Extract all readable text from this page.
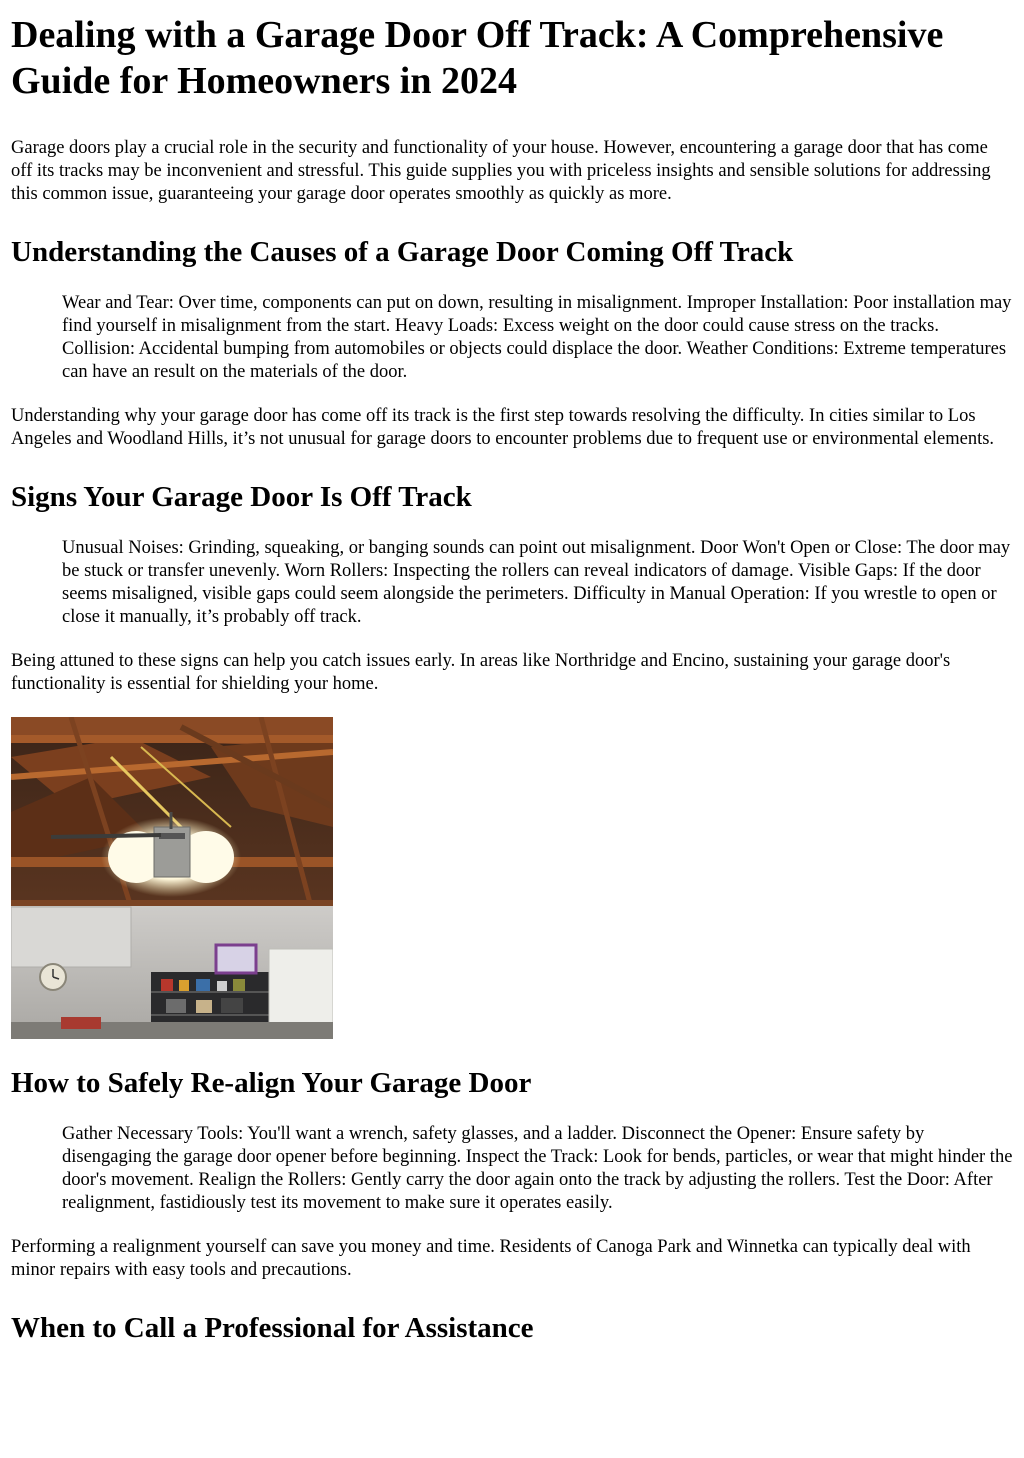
Dealing with a Garage Door Off Track: A Comprehensive Guide for Homeowners in 2024

Garage doors play a crucial role in the security and functionality of your house. However, encountering a garage door that has come off its tracks may be inconvenient and stressful. This guide supplies you with priceless insights and sensible solutions for addressing this common issue, guaranteeing your garage door operates smoothly as quickly as more.

Understanding the Causes of a Garage Door Coming Off Track
Wear and Tear: Over time, components can put on down, resulting in misalignment. Improper Installation: Poor installation may find yourself in misalignment from the start. Heavy Loads: Excess weight on the door could cause stress on the tracks. Collision: Accidental bumping from automobiles or objects could displace the door. Weather Conditions: Extreme temperatures can have an result on the materials of the door.

Understanding why your garage door has come off its track is the first step towards resolving the difficulty. In cities similar to Los Angeles and Woodland Hills, it’s not unusual for garage doors to encounter problems due to frequent use or environmental elements.

Signs Your Garage Door Is Off Track
Unusual Noises: Grinding, squeaking, or banging sounds can point out misalignment. Door Won't Open or Close: The door may be stuck or transfer unevenly. Worn Rollers: Inspecting the rollers can reveal indicators of damage. Visible Gaps: If the door seems misaligned, visible gaps could seem alongside the perimeters. Difficulty in Manual Operation: If you wrestle to open or close it manually, it’s probably off track.

Being attuned to these signs can help you catch issues early. In areas like Northridge and Encino, sustaining your garage door's functionality is essential for shielding your home.

How to Safely Re-align Your Garage Door
Gather Necessary Tools: You'll want a wrench, safety glasses, and a ladder. Disconnect the Opener: Ensure safety by disengaging the garage door opener before beginning. Inspect the Track: Look for bends, particles, or wear that might hinder the door's movement. Realign the Rollers: Gently carry the door again onto the track by adjusting the rollers. Test the Door: After realignment, fastidiously test its movement to make sure it operates easily.

Performing a realignment yourself can save you money and time. Residents of Canoga Park and Winnetka can typically deal with minor repairs with easy tools and precautions.

When to Call a Professional for Assistance
